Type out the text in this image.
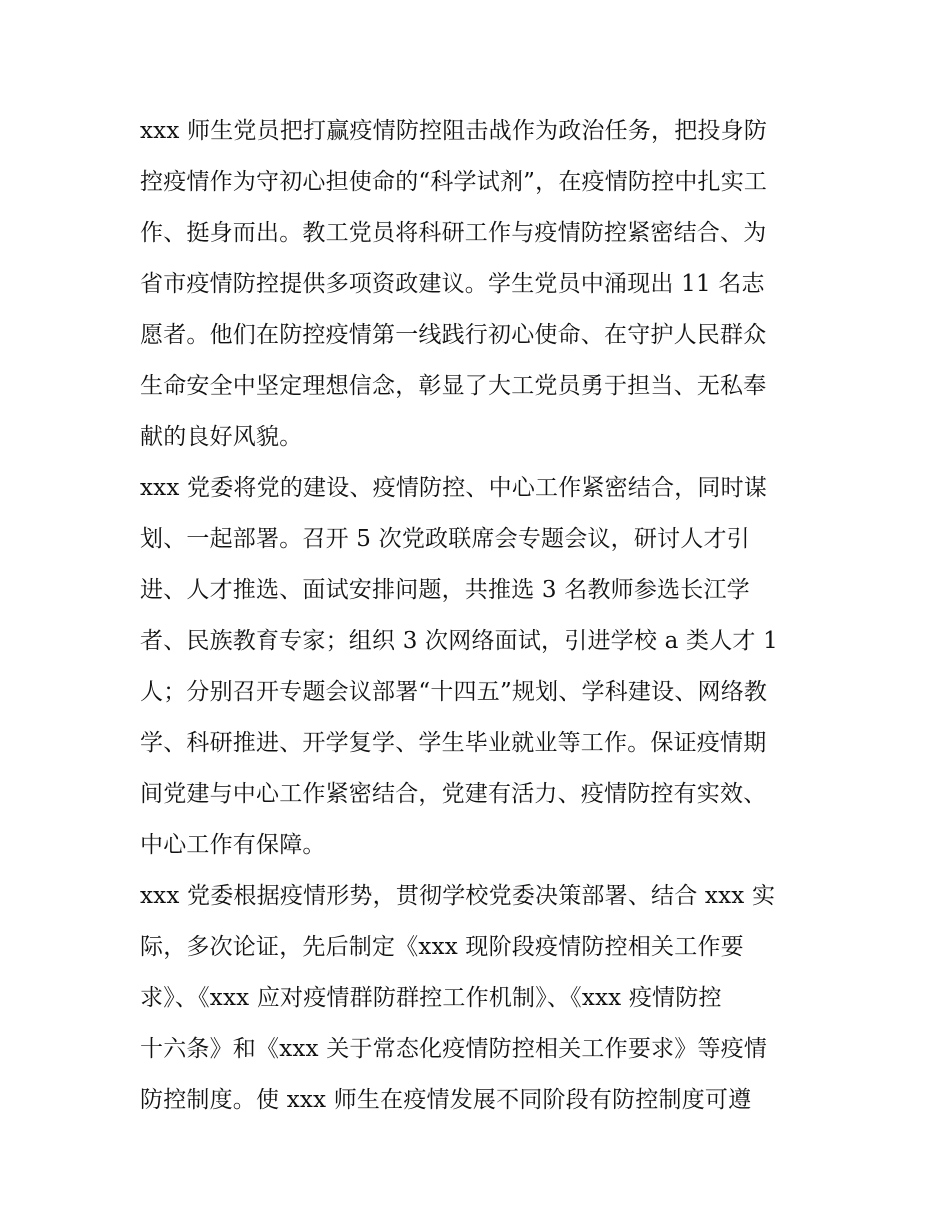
xxx 师生党员把打赢疫情防控阻击战作为政治任务，把投身防
控疫情作为守初心担使命的“科学试剂”，在疫情防控中扎实工
作、挺身而出。教工党员将科研工作与疫情防控紧密结合、为
省市疫情防控提供多项资政建议。学生党员中涌现出 11 名志
愿者。他们在防控疫情第一线践行初心使命、在守护人民群众
生命安全中坚定理想信念，彰显了大工党员勇于担当、无私奉
献的良好风貌。
xxx 党委将党的建设、疫情防控、中心工作紧密结合，同时谋
划、一起部署。召开 5 次党政联席会专题会议，研讨人才引
进、人才推选、面试安排问题，共推选 3 名教师参选长江学
者、民族教育专家；组织 3 次网络面试，引进学校 a 类人才 1
人；分别召开专题会议部署“十四五”规划、学科建设、网络教
学、科研推进、开学复学、学生毕业就业等工作。保证疫情期
间党建与中心工作紧密结合，党建有活力、疫情防控有实效、
中心工作有保障。
xxx 党委根据疫情形势，贯彻学校党委决策部署、结合 xxx 实
际，多次论证，先后制定《xxx 现阶段疫情防控相关工作要
求》、《xxx 应对疫情群防群控工作机制》、《xxx 疫情防控
十六条》和《xxx 关于常态化疫情防控相关工作要求》等疫情
防控制度。使 xxx 师生在疫情发展不同阶段有防控制度可遵
